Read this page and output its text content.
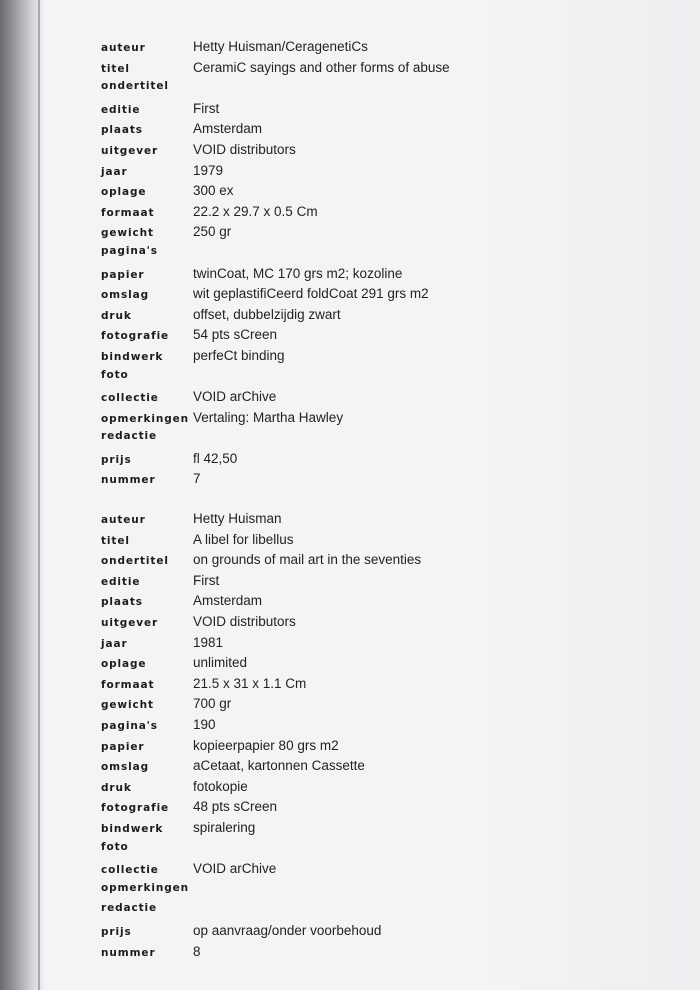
auteur	Hetty Huisman/CeragenetiCs
titel	CeramiC sayings and other forms of abuse
ondertitel
editie	First
plaats	Amsterdam
uitgever	VOID distributors
jaar	1979
oplage	300 ex
formaat	22.2 x 29.7 x 0.5 Cm
gewicht	250 gr
pagina's
papier	twinCoat, MC 170 grs m2; kozoline
omslag	wit geplastifiCeerd foldCoat 291 grs m2
druk	offset, dubbelzijdig zwart
fotografie	54 pts sCreen
bindwerk	perfeCt binding
foto
collectie	VOID arChive
opmerkingen Vertaling: Martha Hawley
redactie
prijs	fl 42,50
nummer	7
auteur	Hetty Huisman
titel	A libel for libellus
ondertitel	on grounds of mail art in the seventies
editie	First
plaats	Amsterdam
uitgever	VOID distributors
jaar	1981
oplage	unlimited
formaat	21.5 x 31 x 1.1 Cm
gewicht	700 gr
pagina's	190
papier	kopieerpapier 80 grs m2
omslag	aCetaat, kartonnen Cassette
druk	fotokopie
fotografie	48 pts sCreen
bindwerk	spiralering
foto
collectie	VOID arChive
opmerkingen
redactie
prijs	op aanvraag/onder voorbehoud
nummer	8
